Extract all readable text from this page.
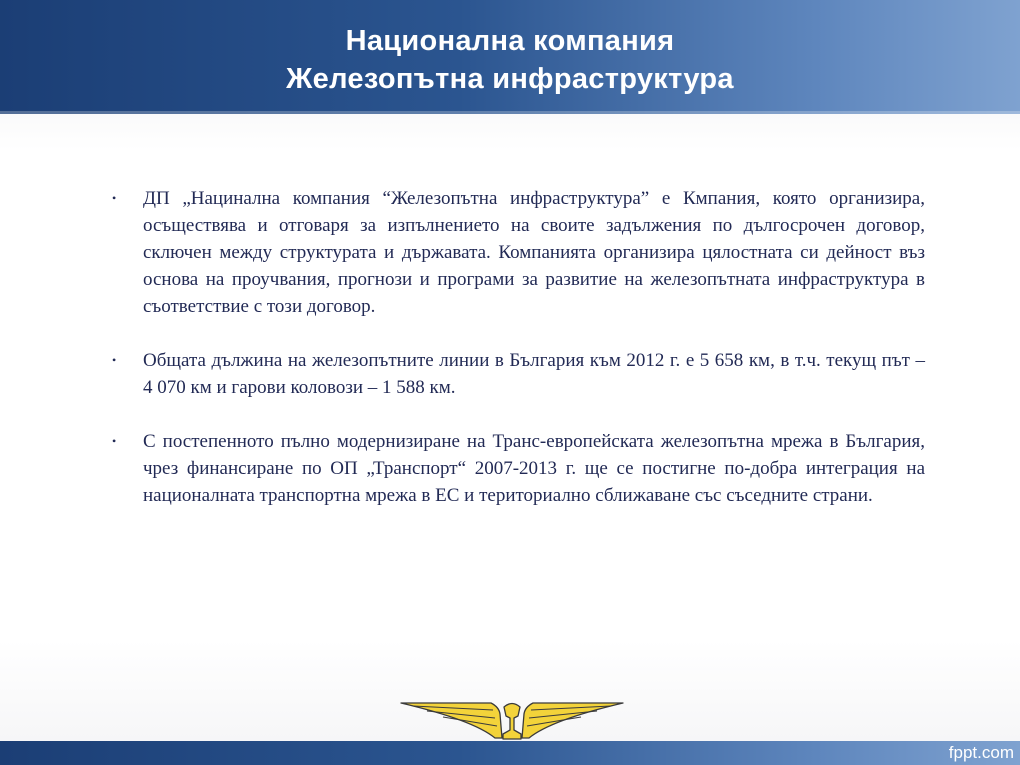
Национална компания
Железопътна инфраструктура
• ДП „Нациналнa компания “Железопътна инфраструктура” е Кмпания, която организира, осъществява и отговаря за изпълнението на своите задължения по дългосрочен договор, сключен между структурата и държавата. Компанията организира цялостната си дейност въз основа на проучвания, прогнози и програми за развитие на железопътната инфраструктура в съответствие с този договор.
• Общата дължина на железопътните линии в България към 2012 г. е 5 658 км, в т.ч. текущ път – 4 070 км и гарови коловози – 1 588 км.
• С постепенното пълно модернизиране на Транс-европейската железопътна мрежа в България, чрез финансиране по ОП „Транспорт“ 2007-2013 г. ще се постигне по-добра интеграция на националната транспортна мрежа в ЕС и териториално сближаване със съседните страни.
fppt.com
